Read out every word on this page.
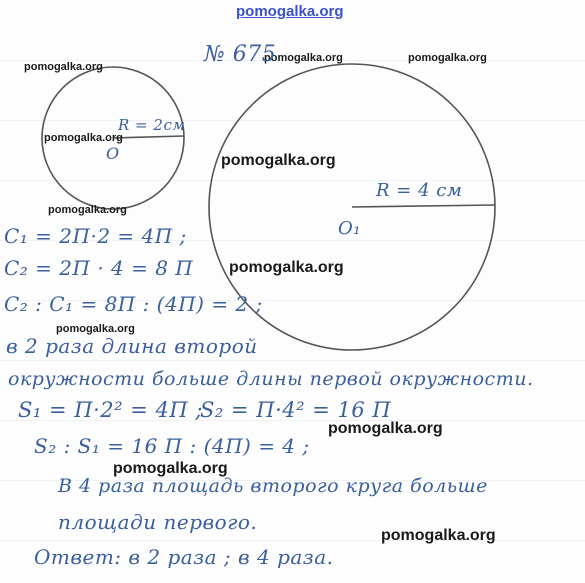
pomogalka.org
pomogalka.org
pomogalka.org	pomogalka.org
pomogalka.org
pomogalka.org
pomogalka.org
pomogalka.org
pomogalka.org
pomogalka.org
pomogalka.org
pomogalka.org
№ 675
R = 2см
O
R = 4 см
O₁
C₁ = 2П·2 = 4П ;
C₂ = 2П · 4 = 8 П
C₂ : C₁ = 8П : (4П) = 2 ;
в 2 раза длина второй
окружности больше длины первой окружности.
S₁ = П·2² = 4П ;
S₂ = П·4² = 16 П
S₂ : S₁ = 16 П : (4П) = 4 ;
В 4 раза площадь второго круга больше
площади первого.
Ответ: в 2 раза ; в 4 раза.
